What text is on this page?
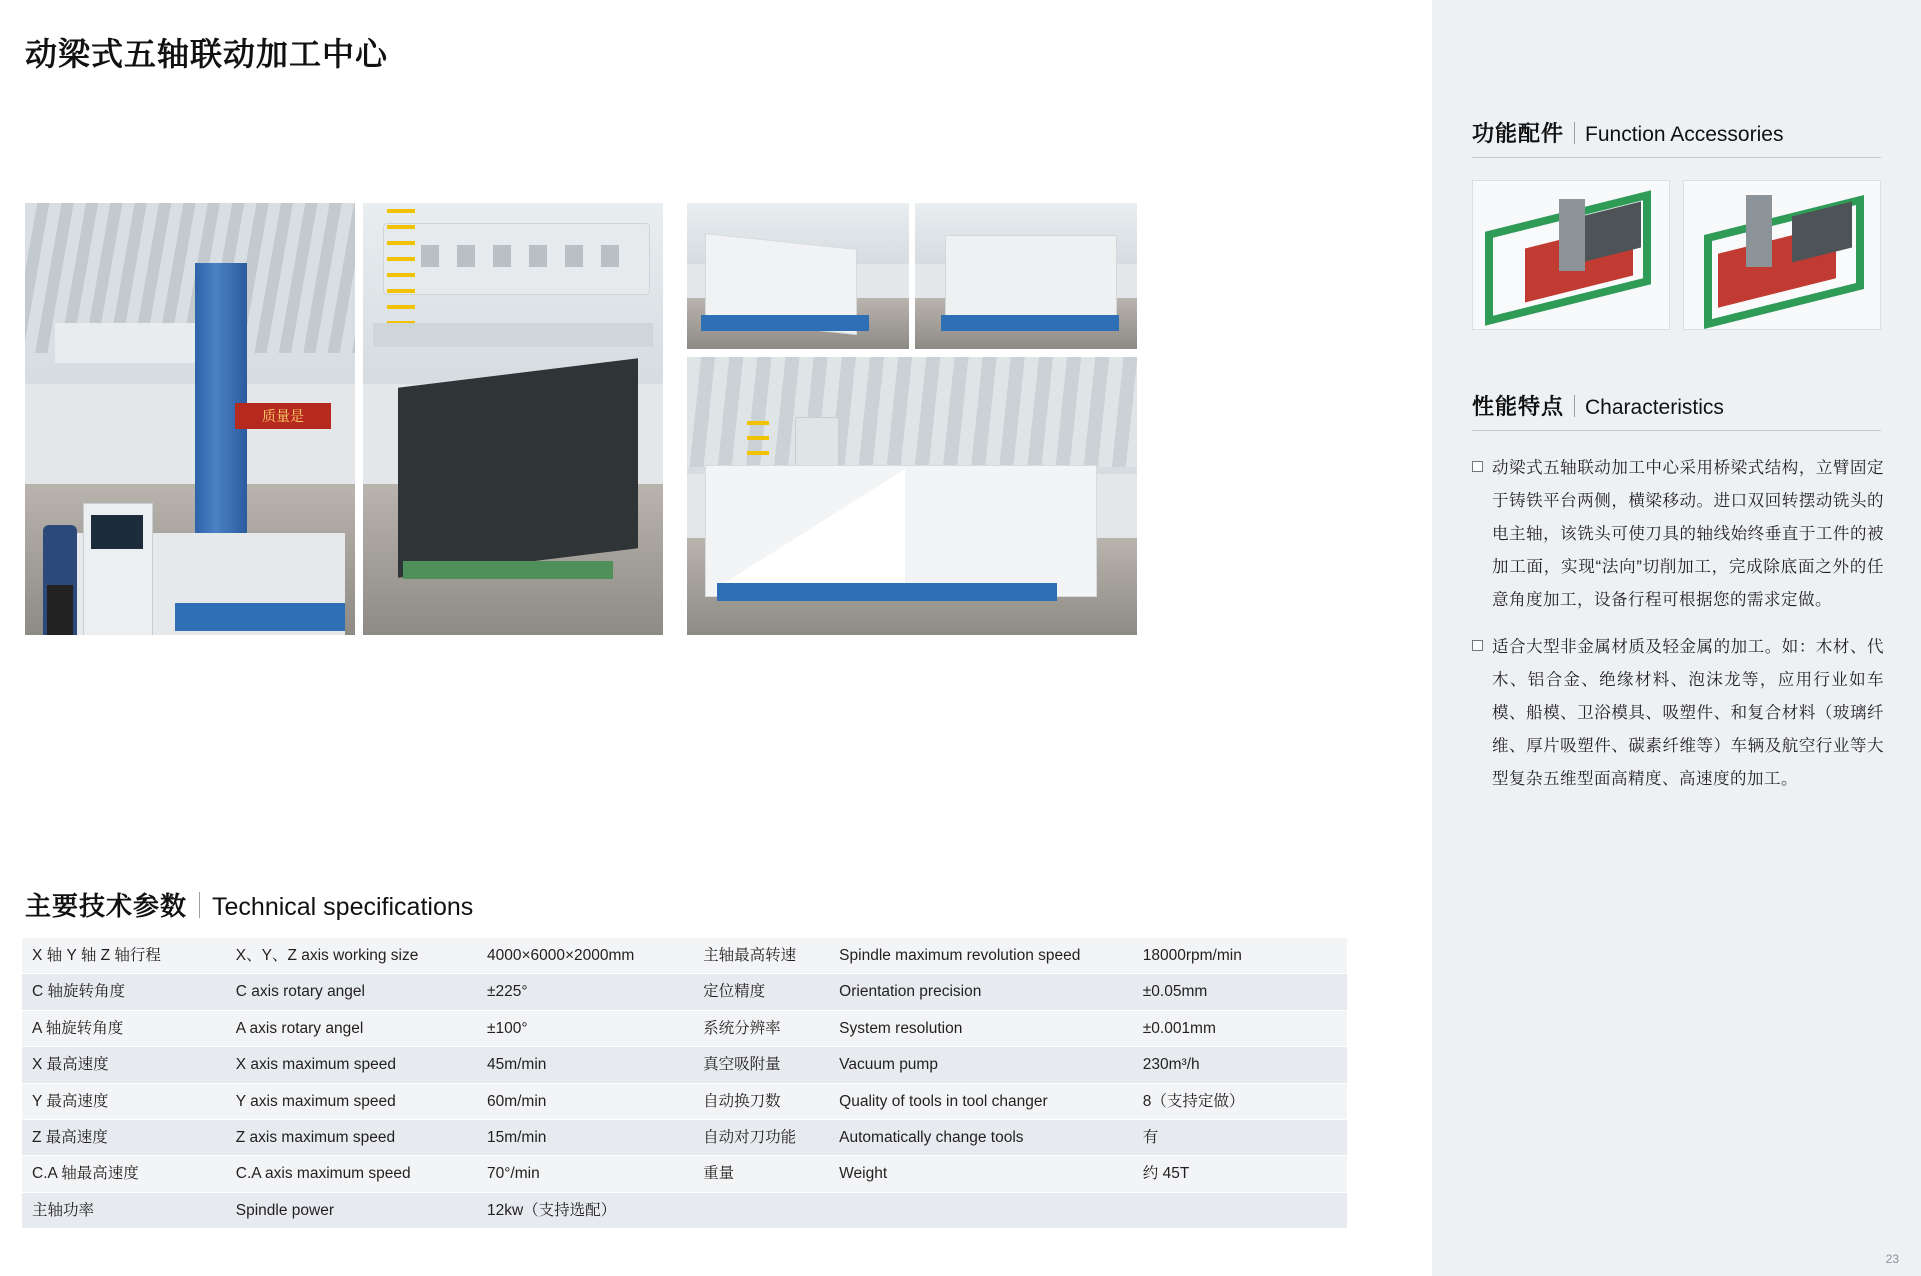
动梁式五轴联动加工中心
质量是
主要技术参数 Technical specifications
X 轴 Y 轴 Z 轴行程	X、Y、Z axis working size	4000×6000×2000mm	主轴最高转速	Spindle maximum revolution speed	18000rpm/min
C 轴旋转角度	C axis rotary angel	±225°	定位精度	Orientation precision	±0.05mm
A 轴旋转角度	A axis rotary angel	±100°	系统分辨率	System resolution	±0.001mm
X 最高速度	X axis maximum speed	45m/min	真空吸附量	Vacuum pump	230m³/h
Y 最高速度	Y axis maximum speed	60m/min	自动换刀数	Quality of tools in tool changer	8（支持定做）
Z 最高速度	Z axis maximum speed	15m/min	自动对刀功能	Automatically change tools	有
C.A 轴最高速度	C.A axis maximum speed	70°/min	重量	Weight	约 45T
主轴功率	Spindle power	12kw（支持选配）			
功能配件 Function Accessories
性能特点 Characteristics
动梁式五轴联动加工中心采用桥梁式结构，立臂固定于铸铁平台两侧，横梁移动。进口双回转摆动铣头的电主轴，该铣头可使刀具的轴线始终垂直于工件的被加工面，实现“法向”切削加工，完成除底面之外的任意角度加工，设备行程可根据您的需求定做。
适合大型非金属材质及轻金属的加工。如：木材、代木、铝合金、绝缘材料、泡沫龙等，应用行业如车模、船模、卫浴模具、吸塑件、和复合材料（玻璃纤维、厚片吸塑件、碳素纤维等）车辆及航空行业等大型复杂五维型面高精度、高速度的加工。
23
